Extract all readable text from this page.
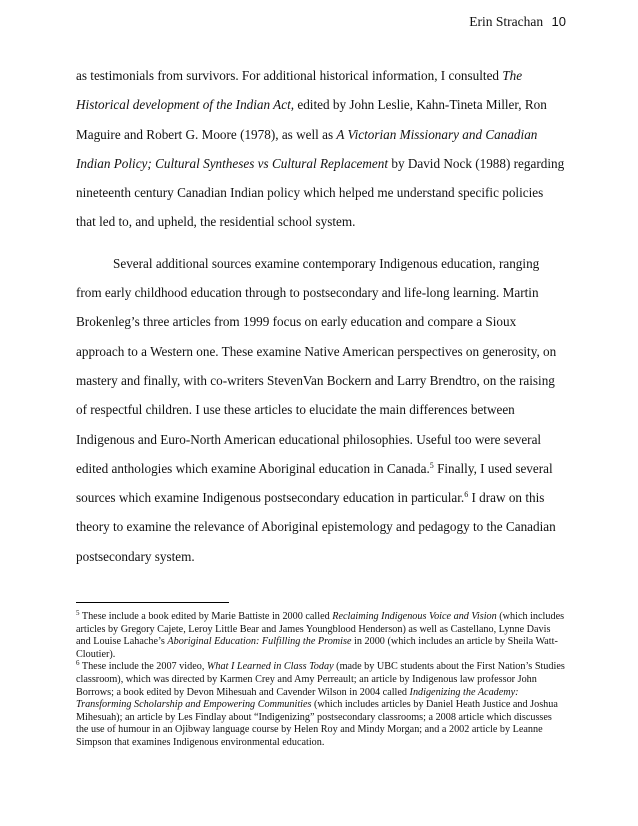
Erin Strachan 10

as testimonials from survivors. For additional historical information, I consulted The Historical development of the Indian Act, edited by John Leslie, Kahn-Tineta Miller, Ron Maguire and Robert G. Moore (1978), as well as A Victorian Missionary and Canadian Indian Policy; Cultural Syntheses vs Cultural Replacement by David Nock (1988) regarding nineteenth century Canadian Indian policy which helped me understand specific policies that led to, and upheld, the residential school system.

Several additional sources examine contemporary Indigenous education, ranging from early childhood education through to postsecondary and life-long learning. Martin Brokenleg’s three articles from 1999 focus on early education and compare a Sioux approach to a Western one. These examine Native American perspectives on generosity, on mastery and finally, with co-writers StevenVan Bockern and Larry Brendtro, on the raising of respectful children. I use these articles to elucidate the main differences between Indigenous and Euro-North American educational philosophies. Useful too were several edited anthologies which examine Aboriginal education in Canada.$^5$ Finally, I used several sources which examine Indigenous postsecondary education in particular.$^6$ I draw on this theory to examine the relevance of Aboriginal epistemology and pedagogy to the Canadian postsecondary system.

$^5$ These include a book edited by Marie Battiste in 2000 called Reclaiming Indigenous Voice and Vision (which includes articles by Gregory Cajete, Leroy Little Bear and James Youngblood Henderson) as well as Castellano, Lynne Davis and Louise Lahache’s Aboriginal Education: Fulfilling the Promise in 2000 (which includes an article by Sheila Watt-Cloutier).

$^6$ These include the 2007 video, What I Learned in Class Today (made by UBC students about the First Nation’s Studies classroom), which was directed by Karmen Crey and Amy Perreault; an article by Indigenous law professor John Borrows; a book edited by Devon Mihesuah and Cavender Wilson in 2004 called Indigenizing the Academy: Transforming Scholarship and Empowering Communities (which includes articles by Daniel Heath Justice and Joshua Mihesuah); an article by Les Findlay about “Indigenizing” postsecondary classrooms; a 2008 article which discusses the use of humour in an Ojibway language course by Helen Roy and Mindy Morgan; and a 2002 article by Leanne Simpson that examines Indigenous environmental education.
